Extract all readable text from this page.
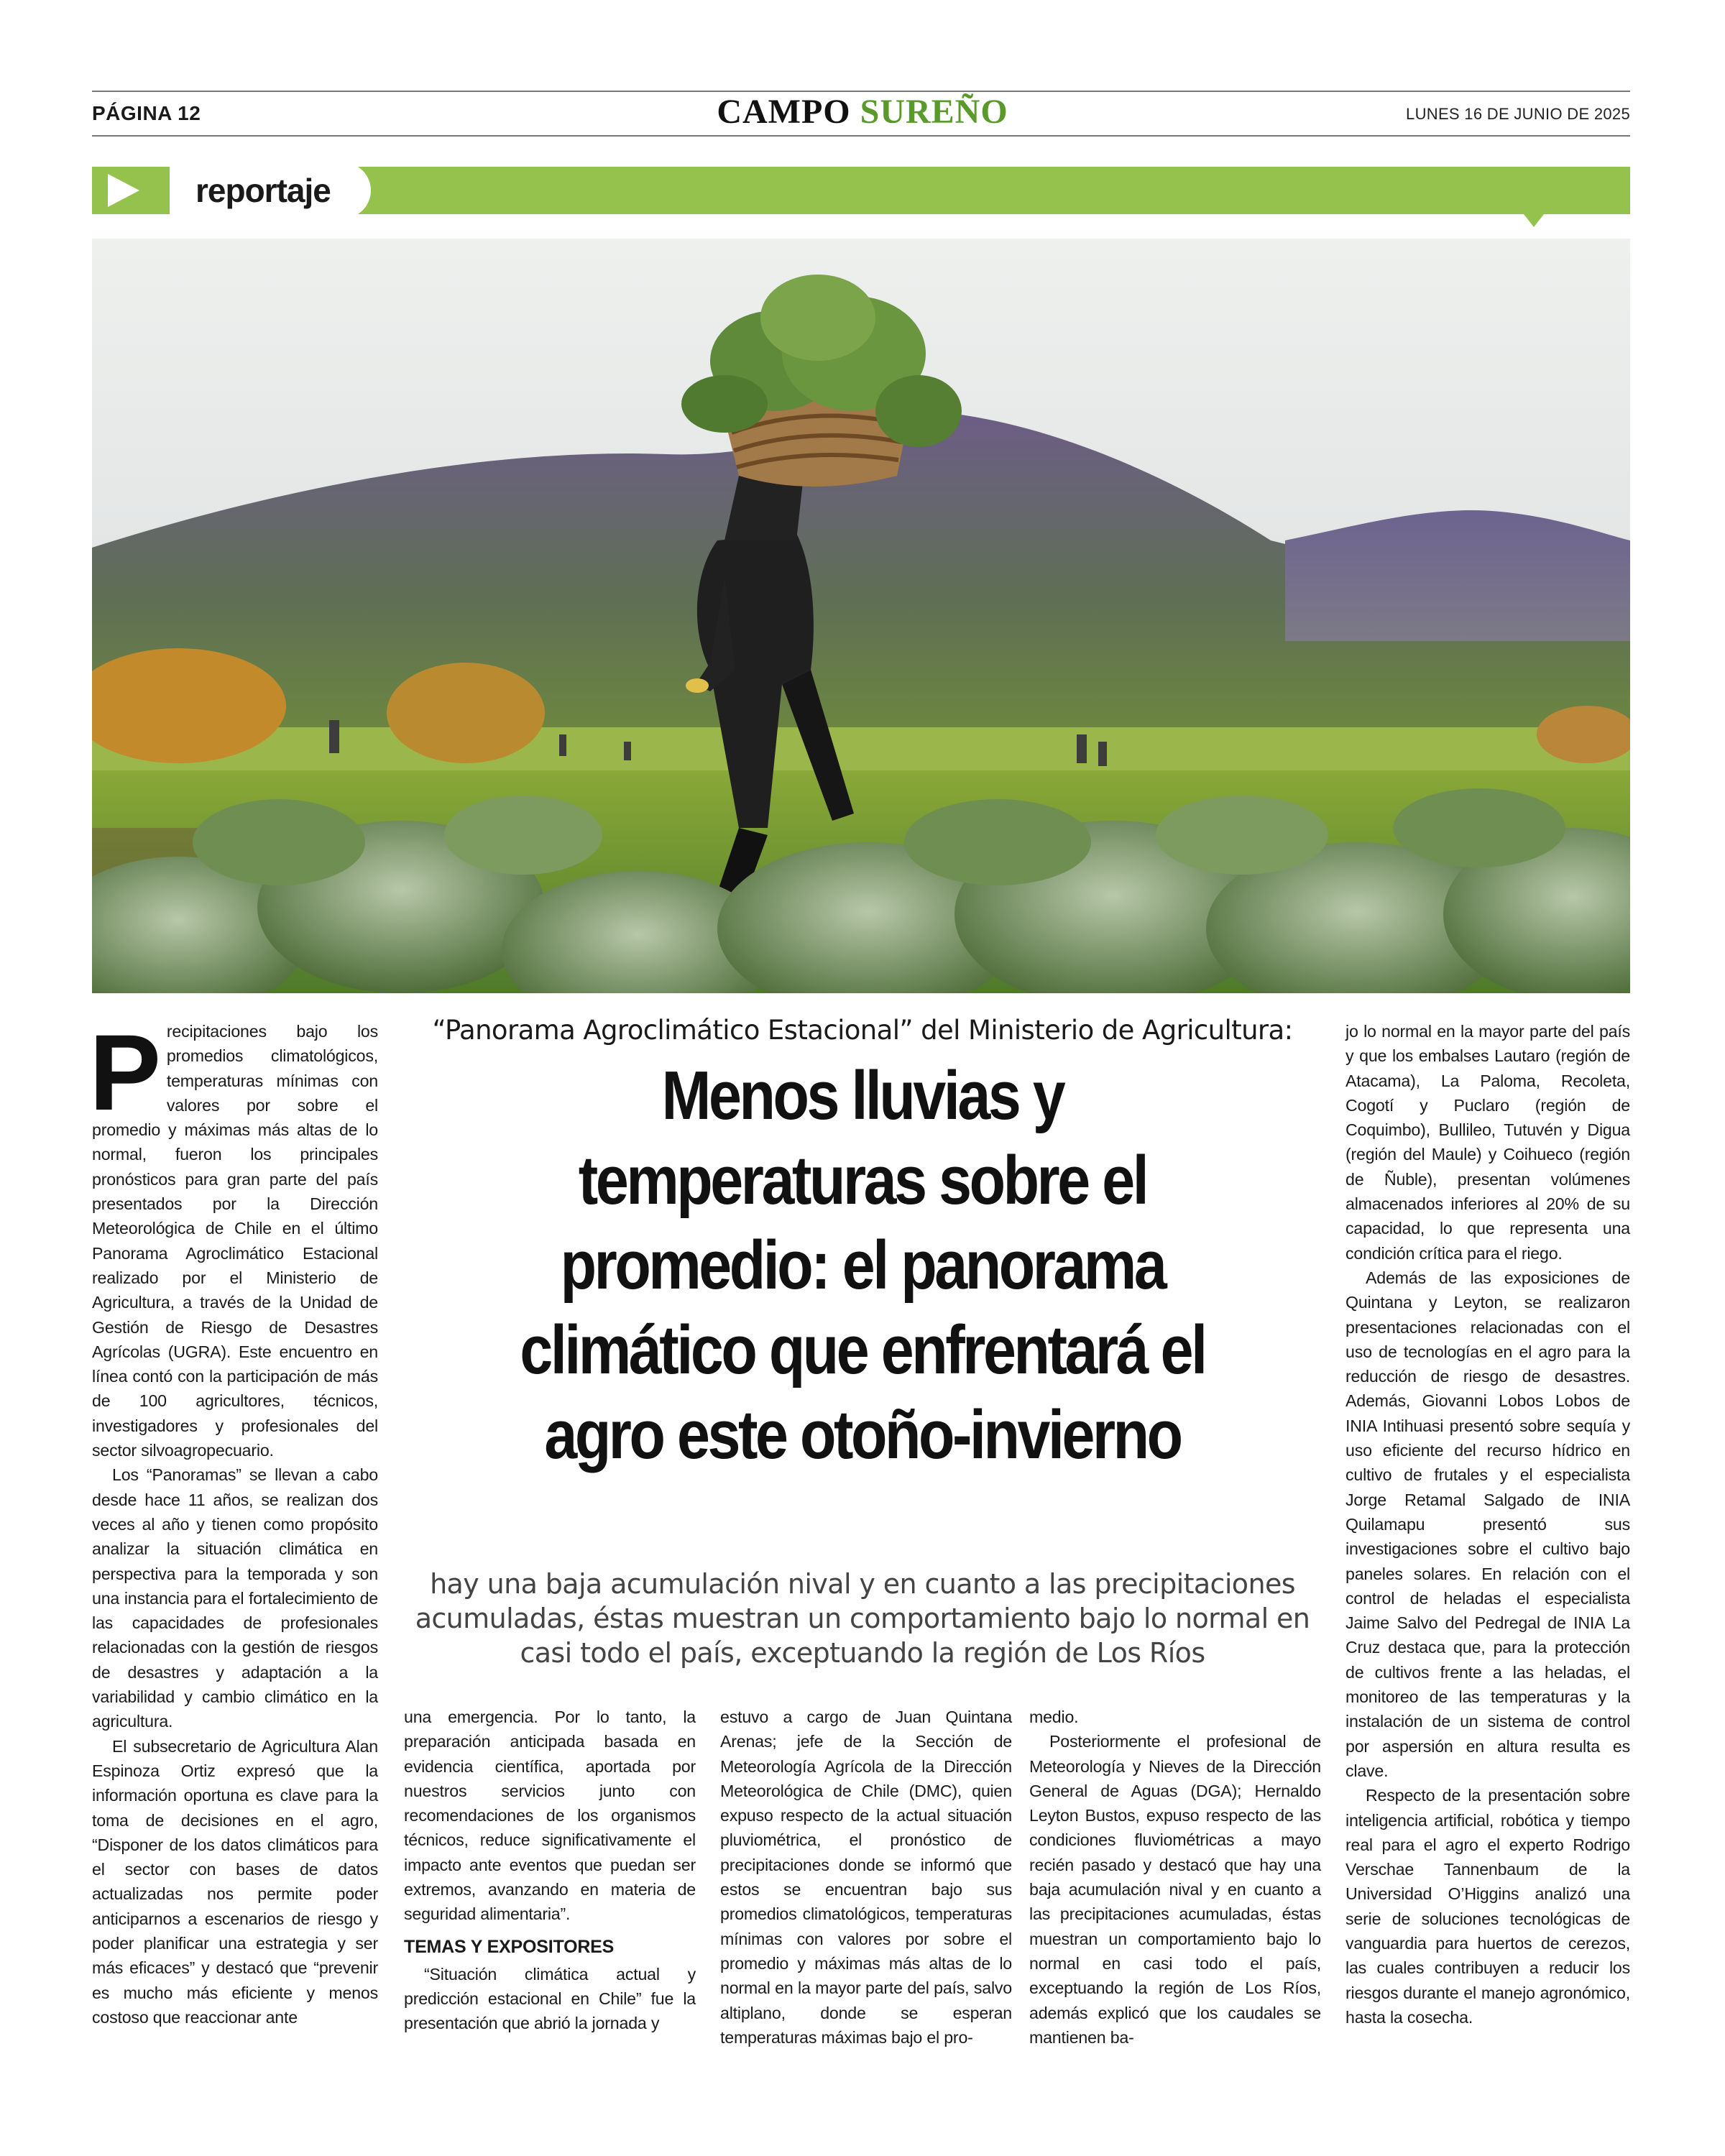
PÁGINA 12	CAMPO SUREÑO	LUNES 16 DE JUNIO DE 2025
reportaje
“Panorama Agroclimático Estacional” del Ministerio de Agricultura:
Menos lluvias y
temperaturas sobre el
promedio: el panorama
climático que enfrentará el
agro este otoño-invierno
hay una baja acumulación nival y en cuanto a las precipitaciones acumuladas, éstas muestran un comportamiento bajo lo normal en casi todo el país, exceptuando la región de Los Ríos
P recipitaciones bajo los promedios climatológicos, temperaturas mínimas con valores por sobre el promedio y máximas más altas de lo normal, fueron los principales pronósticos para gran parte del país presentados por la Dirección Meteorológica de Chile en el último Panorama Agroclimático Estacional realizado por el Ministerio de Agricultura, a través de la Unidad de Gestión de Riesgo de Desastres Agrícolas (UGRA). Este encuentro en línea contó con la participación de más de 100 agricultores, técnicos, investigadores y profesionales del sector silvoagropecuario.

Los “Panoramas” se llevan a cabo desde hace 11 años, se realizan dos veces al año y tienen como propósito analizar la situación climática en perspectiva para la temporada y son una instancia para el fortalecimiento de las capacidades de profesionales relacionadas con la gestión de riesgos de desastres y adaptación a la variabilidad y cambio climático en la agricultura.

El subsecretario de Agricultura Alan Espinoza Ortiz expresó que la información oportuna es clave para la toma de decisiones en el agro, “Disponer de los datos climáticos para el sector con bases de datos actualizadas nos permite poder anticiparnos a escenarios de riesgo y poder planificar una estrategia y ser más eficaces” y destacó que “prevenir es mucho más eficiente y menos costoso que reaccionar ante

una emergencia. Por lo tanto, la preparación anticipada basada en evidencia científica, aportada por nuestros servicios junto con recomendaciones de los organismos técnicos, reduce significativamente el impacto ante eventos que puedan ser extremos, avanzando en materia de seguridad alimentaria”.

TEMAS Y EXPOSITORES

“Situación climática actual y predicción estacional en Chile” fue la presentación que abrió la jornada y

estuvo a cargo de Juan Quintana Arenas; jefe de la Sección de Meteorología Agrícola de la Dirección Meteorológica de Chile (DMC), quien expuso respecto de la actual situación pluviométrica, el pronóstico de precipitaciones donde se informó que estos se encuentran bajo sus promedios climatológicos, temperaturas mínimas con valores por sobre el promedio y máximas más altas de lo normal en la mayor parte del país, salvo altiplano, donde se esperan temperaturas máximas bajo el pro-

medio.

Posteriormente el profesional de Meteorología y Nieves de la Dirección General de Aguas (DGA); Hernaldo Leyton Bustos, expuso respecto de las condiciones fluviométricas a mayo recién pasado y destacó que hay una baja acumulación nival y en cuanto a las precipitaciones acumuladas, éstas muestran un comportamiento bajo lo normal en casi todo el país, exceptuando la región de Los Ríos, además explicó que los caudales se mantienen ba-

jo lo normal en la mayor parte del país y que los embalses Lautaro (región de Atacama), La Paloma, Recoleta, Cogotí y Puclaro (región de Coquimbo), Bullileo, Tutuvén y Digua (región del Maule) y Coihueco (región de Ñuble), presentan volúmenes almacenados inferiores al 20% de su capacidad, lo que representa una condición crítica para el riego.

Además de las exposiciones de Quintana y Leyton, se realizaron presentaciones relacionadas con el uso de tecnologías en el agro para la reducción de riesgo de desastres. Además, Giovanni Lobos Lobos de INIA Intihuasi presentó sobre sequía y uso eficiente del recurso hídrico en cultivo de frutales y el especialista Jorge Retamal Salgado de INIA Quilamapu presentó sus investigaciones sobre el cultivo bajo paneles solares. En relación con el control de heladas el especialista Jaime Salvo del Pedregal de INIA La Cruz destaca que, para la protección de cultivos frente a las heladas, el monitoreo de las temperaturas y la instalación de un sistema de control por aspersión en altura resulta es clave.

Respecto de la presentación sobre inteligencia artificial, robótica y tiempo real para el agro el experto Rodrigo Verschae Tannenbaum de la Universidad O’Higgins analizó una serie de soluciones tecnológicas de vanguardia para huertos de cerezos, las cuales contribuyen a reducir los riesgos durante el manejo agronómico, hasta la cosecha.
